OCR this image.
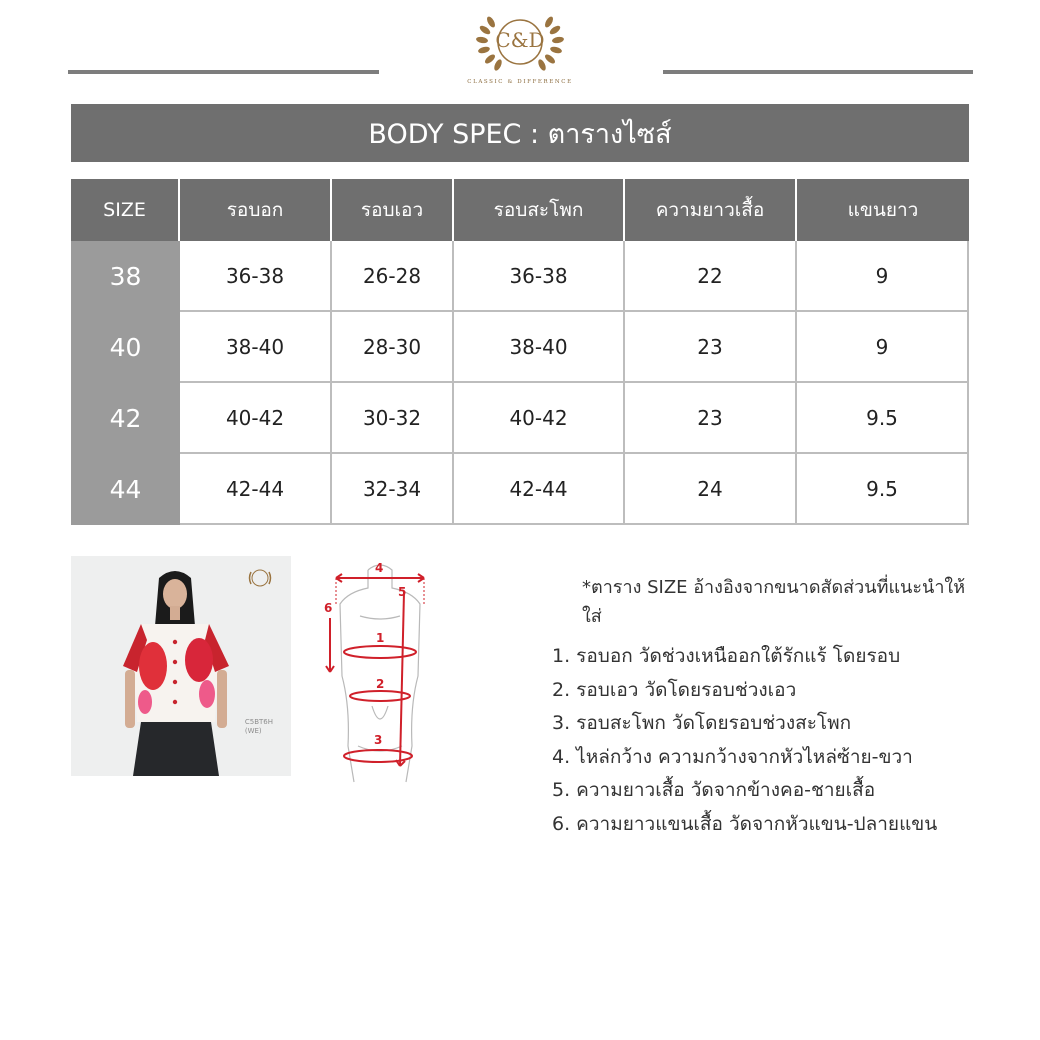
C&D
CLASSIC & DIFFERENCE
BODY SPEC : ตารางไซส์
SIZE	รอบอก	รอบเอว	รอบสะโพก	ความยาวเสื้อ	แขนยาว
38	36-38	26-28	36-38	22	9
40	38-40	28-30	38-40	23	9
42	40-42	30-32	40-42	23	9.5
44	42-44	32-34	42-44	24	9.5
C5BT6H
(WE)
1
2
3
4
5
6
*ตาราง SIZE อ้างอิงจากขนาดสัดส่วนที่แนะนำให้ใส่
1. รอบอก วัดช่วงเหนืออกใต้รักแร้ โดยรอบ
2. รอบเอว วัดโดยรอบช่วงเอว
3. รอบสะโพก วัดโดยรอบช่วงสะโพก
4. ไหล่กว้าง ความกว้างจากหัวไหล่ซ้าย-ขวา
5. ความยาวเสื้อ วัดจากข้างคอ-ชายเสื้อ
6. ความยาวแขนเสื้อ วัดจากหัวแขน-ปลายแขน
